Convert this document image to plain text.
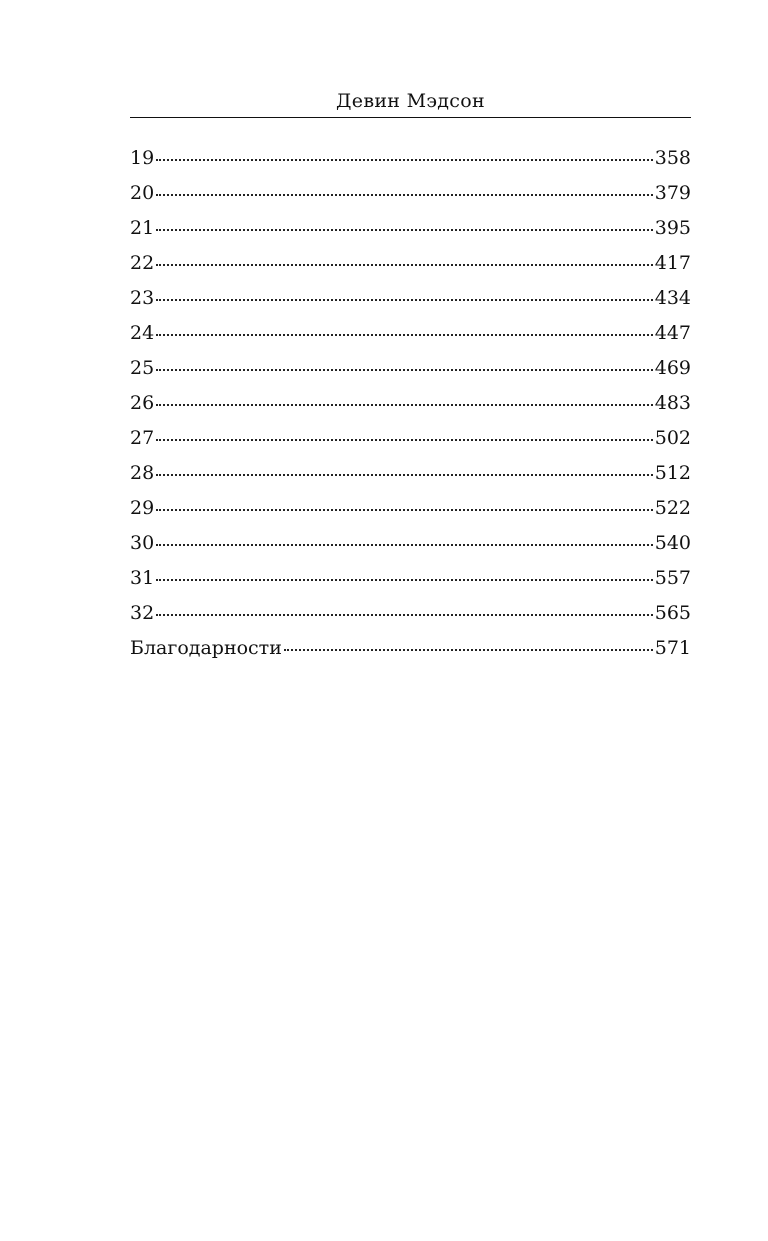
Девин Мэдсон
19	358
20	379
21	395
22	417
23	434
24	447
25	469
26	483
27	502
28	512
29	522
30	540
31	557
32	565
Благодарности	571
